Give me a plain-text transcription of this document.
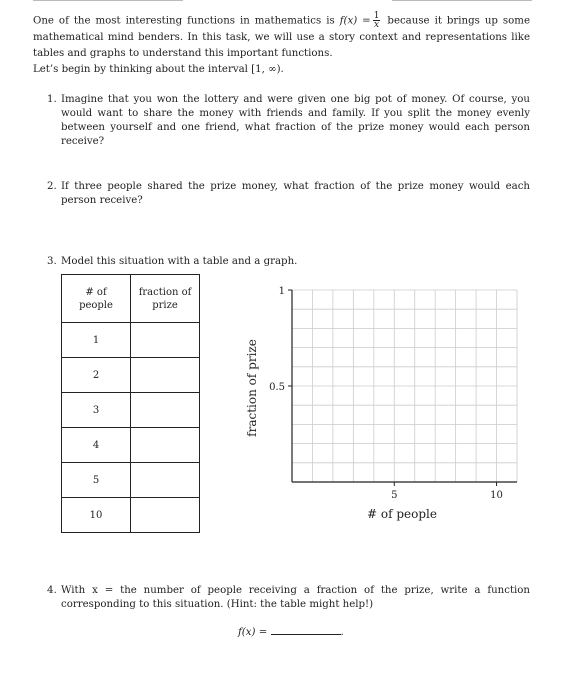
One of the most interesting functions in mathematics is $f(x) = \frac{1}{x}$ because it brings up some mathematical mind benders. In this task, we will use a story context and representations like tables and graphs to understand this important functions.
Let’s begin by thinking about the interval [1, ∞).
1. Imagine that you won the lottery and were given one big pot of money. Of course, you would want to share the money with friends and family. If you split the money evenly between yourself and one friend, what fraction of the prize money would each person receive?
2. If three people shared the prize money, what fraction of the prize money would each person receive?
3. Model this situation with a table and a graph.
# of
people	fraction of
prize
1	
2	
3	
4	
5	
10	
5	10
0.5
1
fraction of prize
# of people
4. With x = the number of people receiving a fraction of the prize, write a function corresponding to this situation. (Hint: the table might help!)
f(x) =	.
